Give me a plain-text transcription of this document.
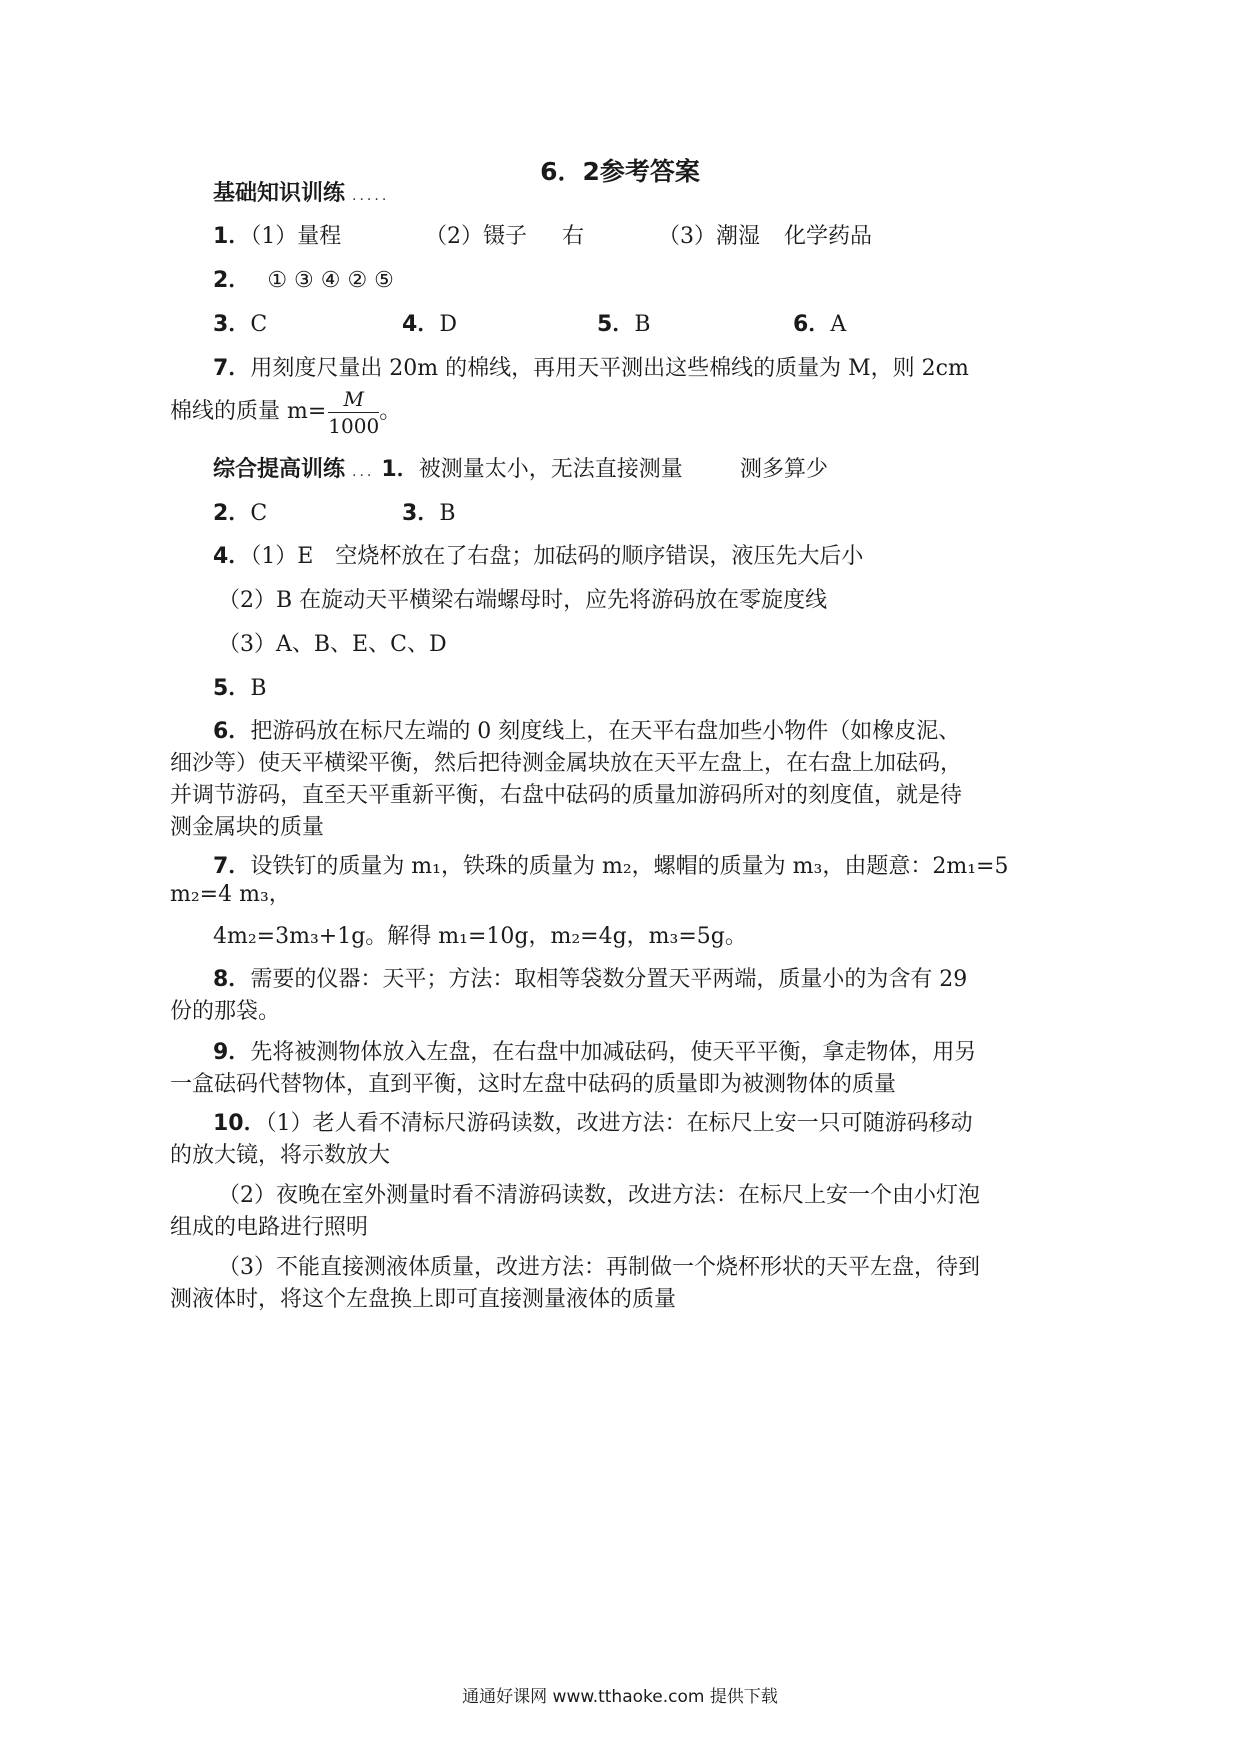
6．2参考答案
基础知识训练 .....
1．（1）量程	（2）镊子 右	（3）潮湿 化学药品
2． ① ③ ④ ② ⑤
3．C	4．D	5．B	6．A
7．用刻度尺量出 20m 的棉线，再用天平测出这些棉线的质量为 M，则 2cm
棉线的质量 $m= \frac{M}{1000}$ 。
综合提高训练 ... 1．被测量太小，无法直接测量	测多算少
2．C	3．B
4．（1）E　空烧杯放在了右盘；加砝码的顺序错误，液压先大后小
（2）B 在旋动天平横梁右端螺母时，应先将游码放在零旋度线
（3）A、B、E、C、D
5．B
6．把游码放在标尺左端的 0 刻度线上，在天平右盘加些小物件（如橡皮泥、细沙等）使天平横梁平衡，然后把待测金属块放在天平左盘上，在右盘上加砝码，并调节游码，直至天平重新平衡，右盘中砝码的质量加游码所对的刻度值，就是待测金属块的质量
7．设铁钉的质量为 m₁，铁珠的质量为 m₂，螺帽的质量为 m₃，由题意：2m₁=5
m₂=4 m₃，
4m₂=3m₃+1g。解得 m₁=10g，m₂=4g，m₃=5g。
8．需要的仪器：天平；方法：取相等袋数分置天平两端，质量小的为含有 29 份的那袋。
9．先将被测物体放入左盘，在右盘中加减砝码，使天平平衡，拿走物体，用另一盒砝码代替物体，直到平衡，这时左盘中砝码的质量即为被测物体的质量
10．（1）老人看不清标尺游码读数，改进方法：在标尺上安一只可随游码移动的放大镜，将示数放大
（2）夜晚在室外测量时看不清游码读数，改进方法：在标尺上安一个由小灯泡组成的电路进行照明
（3）不能直接测液体质量，改进方法：再制做一个烧杯形状的天平左盘，待到测液体时，将这个左盘换上即可直接测量液体的质量
通通好课网 www.tthaoke.com 提供下载
